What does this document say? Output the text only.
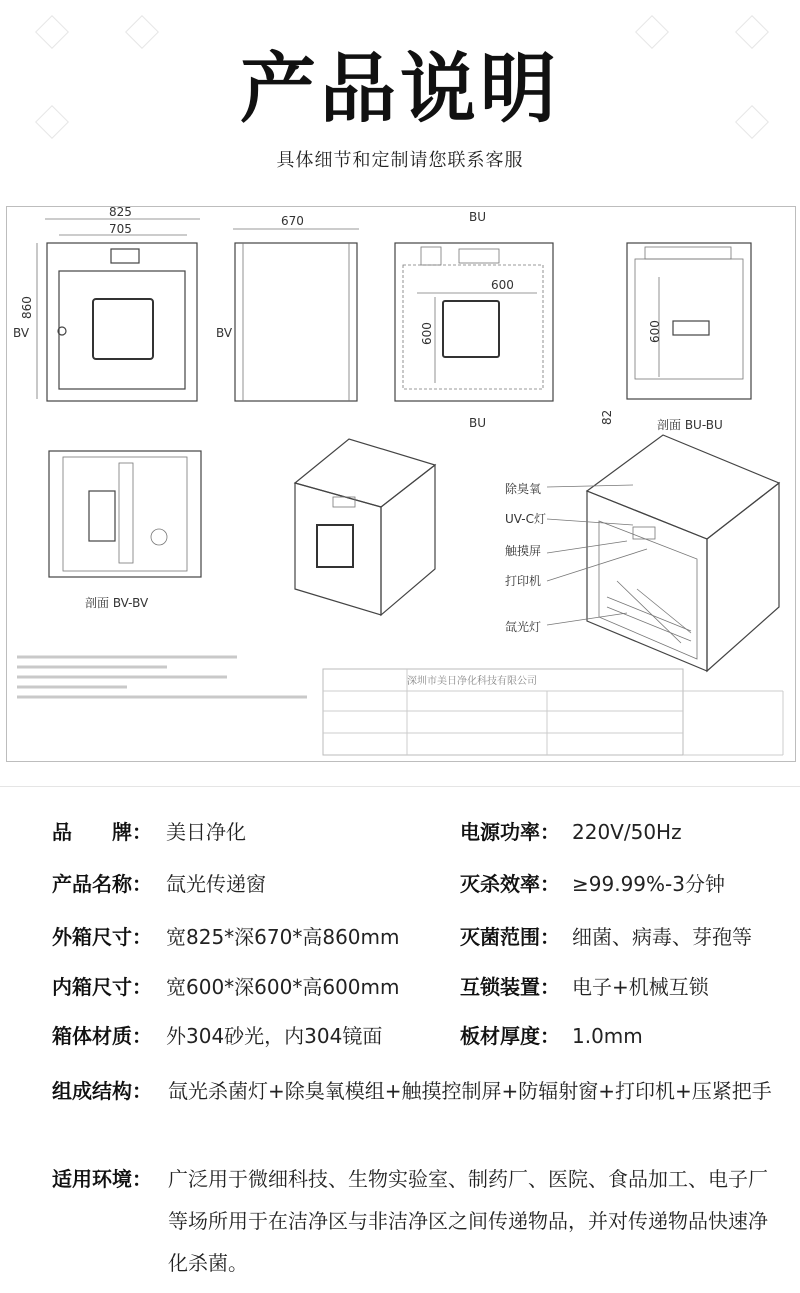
产品说明
具体细节和定制请您联系客服
825
705
860
BV	BV
670	BU
BU
600
600	600
82	剖面 BU-BU
剖面 BV-BV
除臭氧
UV-C灯
触摸屏
打印机
氙光灯
深圳市美日净化科技有限公司
品　　牌： 美日净化	电源功率： 220V/50Hz
产品名称： 氙光传递窗	灭杀效率： ≥99.99%-3分钟
外箱尺寸： 宽825*深670*高860mm	灭菌范围： 细菌、病毒、芽孢等
内箱尺寸： 宽600*深600*高600mm	互锁装置： 电子+机械互锁
箱体材质： 外304砂光，内304镜面	板材厚度： 1.0mm
组成结构： 氙光杀菌灯+除臭氧模组+触摸控制屏+防辐射窗+打印机+压紧把手
适用环境： 广泛用于微细科技、生物实验室、制药厂、医院、食品加工、电子厂等场所用于在洁净区与非洁净区之间传递物品，并对传递物品快速净化杀菌。
